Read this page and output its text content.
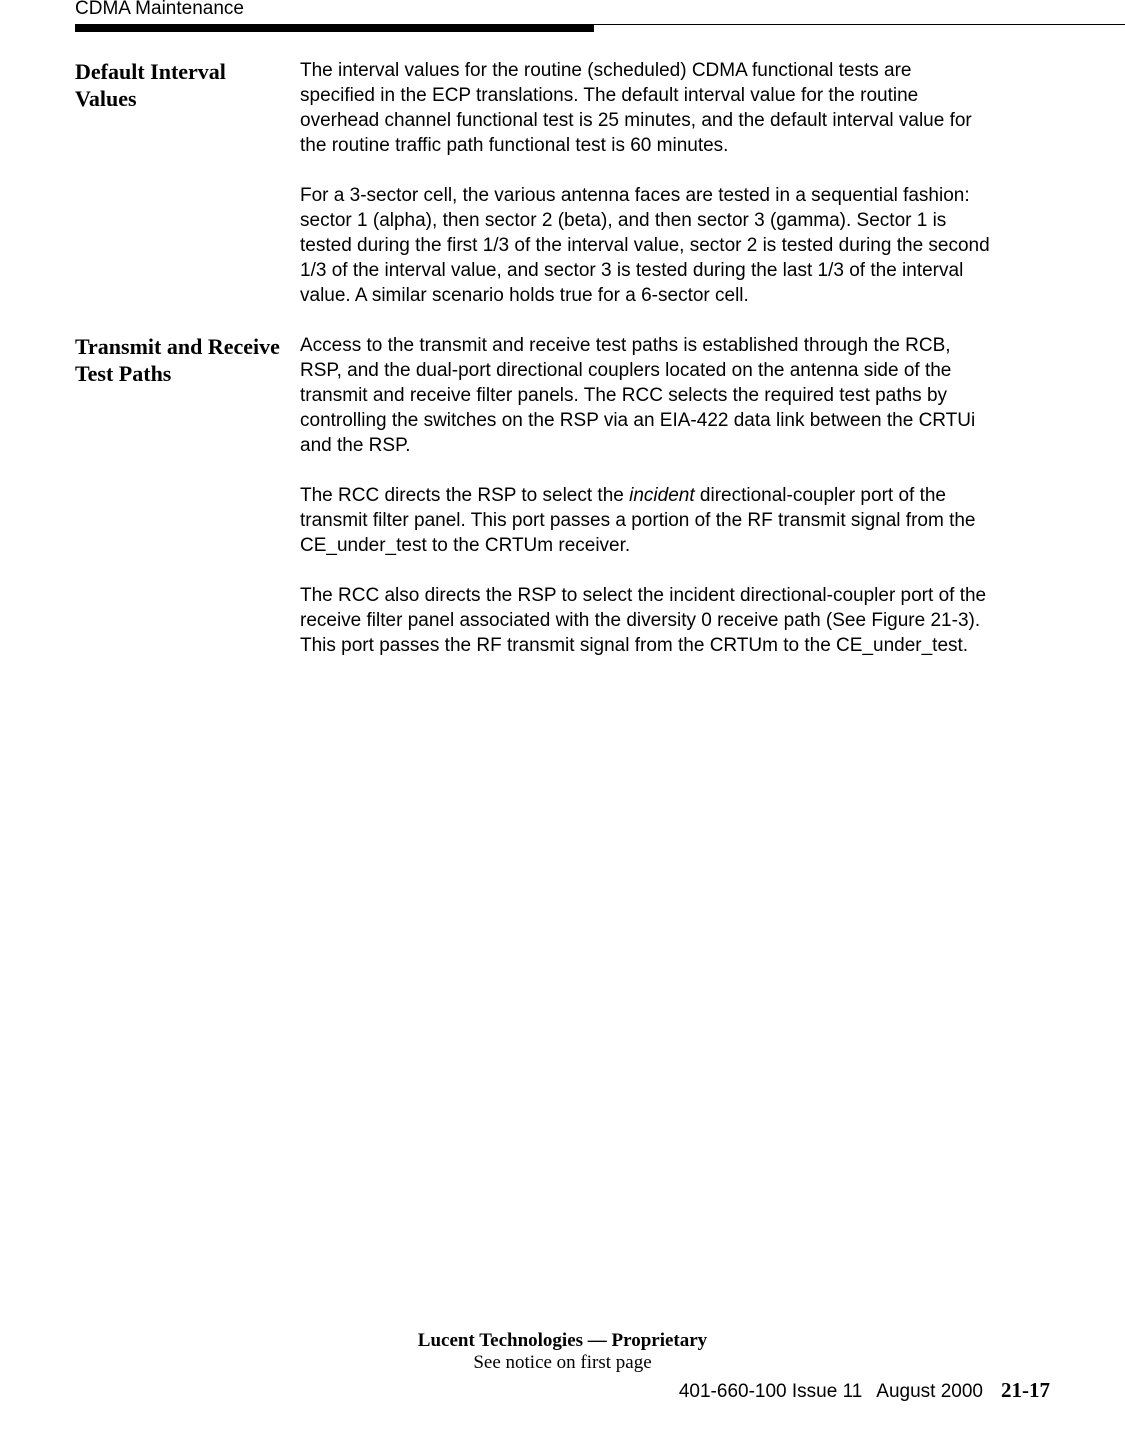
CDMA Maintenance
Default Interval Values

The interval values for the routine (scheduled) CDMA functional tests are
specified in the ECP translations. The default interval value for the routine
overhead channel functional test is 25 minutes, and the default interval value for
the routine traffic path functional test is 60 minutes.

For a 3-sector cell, the various antenna faces are tested in a sequential fashion:
sector 1 (alpha), then sector 2 (beta), and then sector 3 (gamma). Sector 1 is
tested during the first 1/3 of the interval value, sector 2 is tested during the second
1/3 of the interval value, and sector 3 is tested during the last 1/3 of the interval
value. A similar scenario holds true for a 6-sector cell.

Transmit and Receive Test Paths

Access to the transmit and receive test paths is established through the RCB,
RSP, and the dual-port directional couplers located on the antenna side of the
transmit and receive filter panels. The RCC selects the required test paths by
controlling the switches on the RSP via an EIA-422 data link between the CRTUi
and the RSP.

The RCC directs the RSP to select the incident directional-coupler port of the
transmit filter panel. This port passes a portion of the RF transmit signal from the
CE_under_test to the CRTUm receiver.

The RCC also directs the RSP to select the incident directional-coupler port of the
receive filter panel associated with the diversity 0 receive path (See Figure 21-3).
This port passes the RF transmit signal from the CRTUm to the CE_under_test.

Lucent Technologies — Proprietary
See notice on first page
401-660-100 Issue 11 August 2000 21-17
